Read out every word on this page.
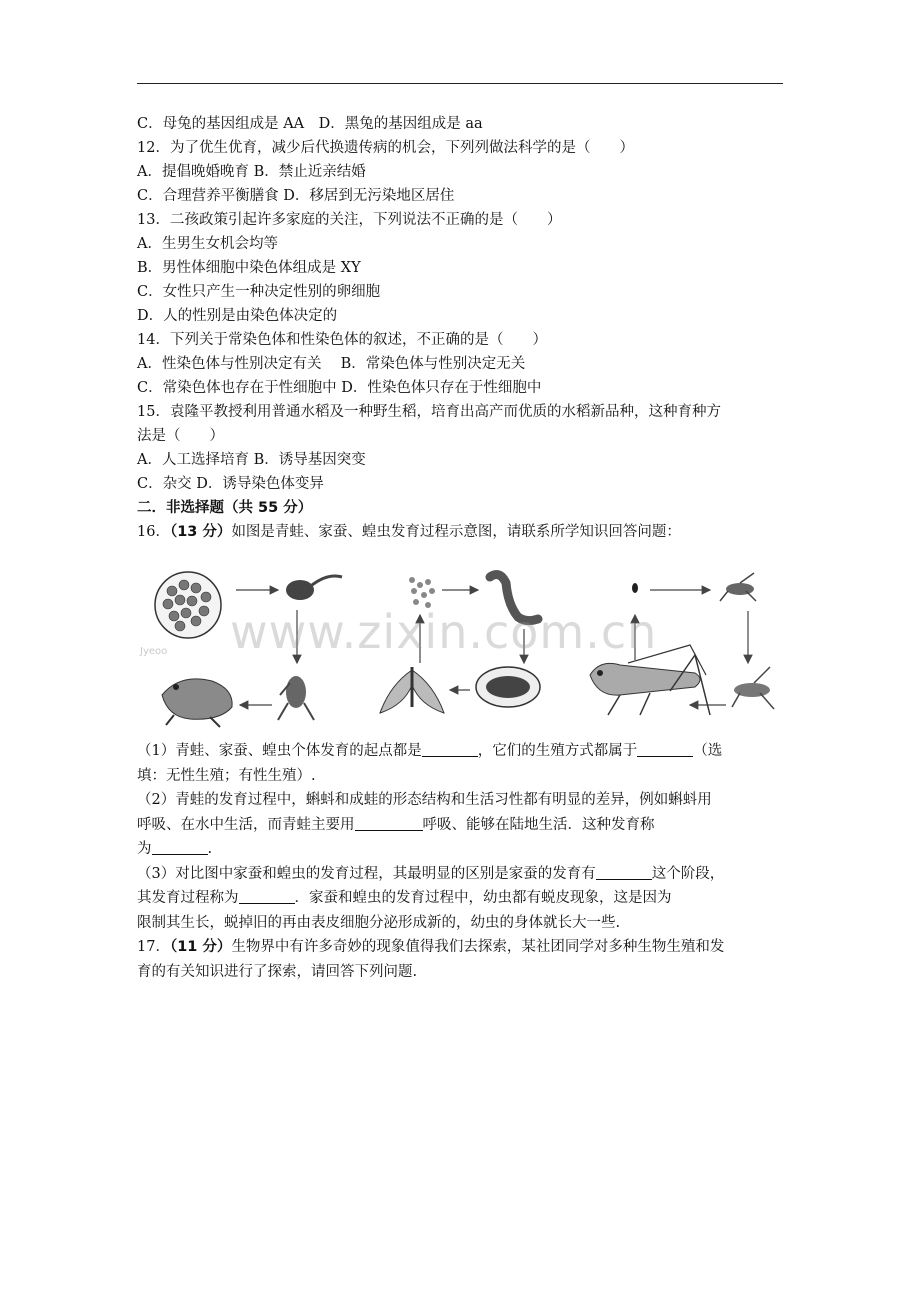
C．母兔的基因组成是 AA　D．黑兔的基因组成是 aa
12．为了优生优育，减少后代换遗传病的机会，下列列做法科学的是（　　）
A．提倡晚婚晚育 B．禁止近亲结婚
C．合理营养平衡膳食 D．移居到无污染地区居住
13．二孩政策引起许多家庭的关注，下列说法不正确的是（　　）
A．生男生女机会均等
B．男性体细胞中染色体组成是 XY
C．女性只产生一种决定性别的卵细胞
D．人的性别是由染色体决定的
14．下列关于常染色体和性染色体的叙述，不正确的是（　　）
A．性染色体与性别决定有关　 B．常染色体与性别决定无关
C．常染色体也存在于性细胞中 D．性染色体只存在于性细胞中
15．袁隆平教授利用普通水稻及一种野生稻，培育出高产而优质的水稻新品种，这种育种方
法是（　　）
A．人工选择培育 B．诱导基因突变
C．杂交 D．诱导染色体变异
二．非选择题（共 55 分）
16．（13 分）如图是青蛙、家蚕、蝗虫发育过程示意图，请联系所学知识回答问题：
www.zixin.com.cn
Jyeoo
（1）青蛙、家蚕、蝗虫个体发育的起点都是	，它们的生殖方式都属于	（选
填：无性生殖；有性生殖）.
（2）青蛙的发育过程中，蝌蚪和成蛙的形态结构和生活习性都有明显的差异，例如蝌蚪用
呼吸、在水中生活，而青蛙主要用	呼吸、能够在陆地生活．这种发育称
为	.
（3）对比图中家蚕和蝗虫的发育过程，其最明显的区别是家蚕的发育有	这个阶段，
其发育过程称为	．家蚕和蝗虫的发育过程中，幼虫都有蜕皮现象，这是因为
限制其生长，蜕掉旧的再由表皮细胞分泌形成新的，幼虫的身体就长大一些.
17．（11 分）生物界中有许多奇妙的现象值得我们去探索，某社团同学对多种生物生殖和发
育的有关知识进行了探索，请回答下列问题.
